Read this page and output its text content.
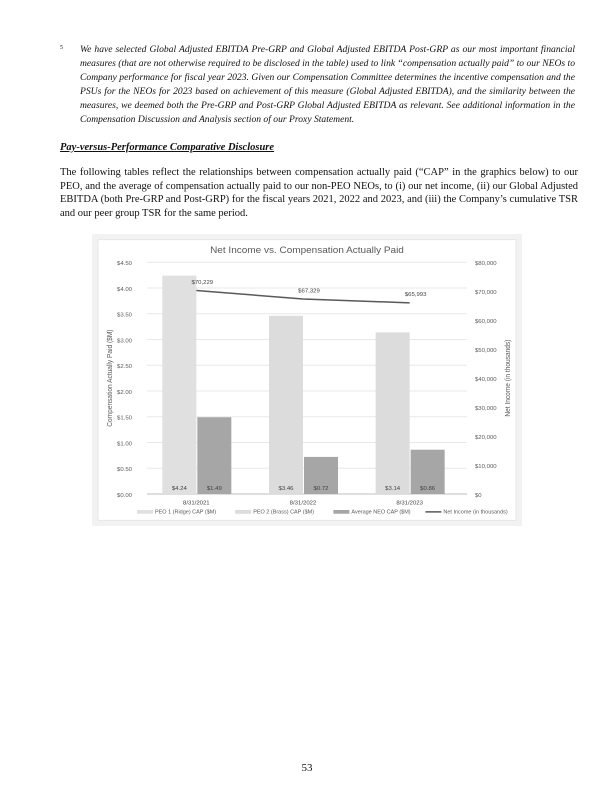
5 We have selected Global Adjusted EBITDA Pre-GRP and Global Adjusted EBITDA Post-GRP as our most important financial measures (that are not otherwise required to be disclosed in the table) used to link “compensation actually paid” to our NEOs to Company performance for fiscal year 2023. Given our Compensation Committee determines the incentive compensation and the PSUs for the NEOs for 2023 based on achievement of this measure (Global Adjusted EBITDA), and the similarity between the measures, we deemed both the Pre-GRP and Post-GRP Global Adjusted EBITDA as relevant. See additional information in the Compensation Discussion and Analysis section of our Proxy Statement.

Pay-versus-Performance Comparative Disclosure
The following tables reflect the relationships between compensation actually paid (“CAP” in the graphics below) to our PEO, and the average of compensation actually paid to our non-PEO NEOs, to (i) our net income, (ii) our Global Adjusted EBITDA (both Pre-GRP and Post-GRP) for the fiscal years 2021, 2022 and 2023, and (iii) the Company’s cumulative TSR and our peer group TSR for the same period.
Net Income vs. Compensation Actually Paid
$0.00
$0.50
$1.00
$1.50
$2.00
$2.50
$3.00
$3.50
$4.00
$4.50
$0
$10,000
$20,000
$30,000
$40,000
$50,000
$60,000
$70,000
$80,000
Compensation Actually Paid ($M)	Net Income (in thousands)
8/31/2021
$4.24	$1.49
$70,229
8/31/2022
$3.46	$0.72
$67,329
8/31/2023
$3.14	$0.86
$65,993
PEO 1 (Ridge) CAP ($M)	PEO 2 (Brass) CAP ($M)	Average NEO CAP ($M)	Net Income (in thousands)
53
